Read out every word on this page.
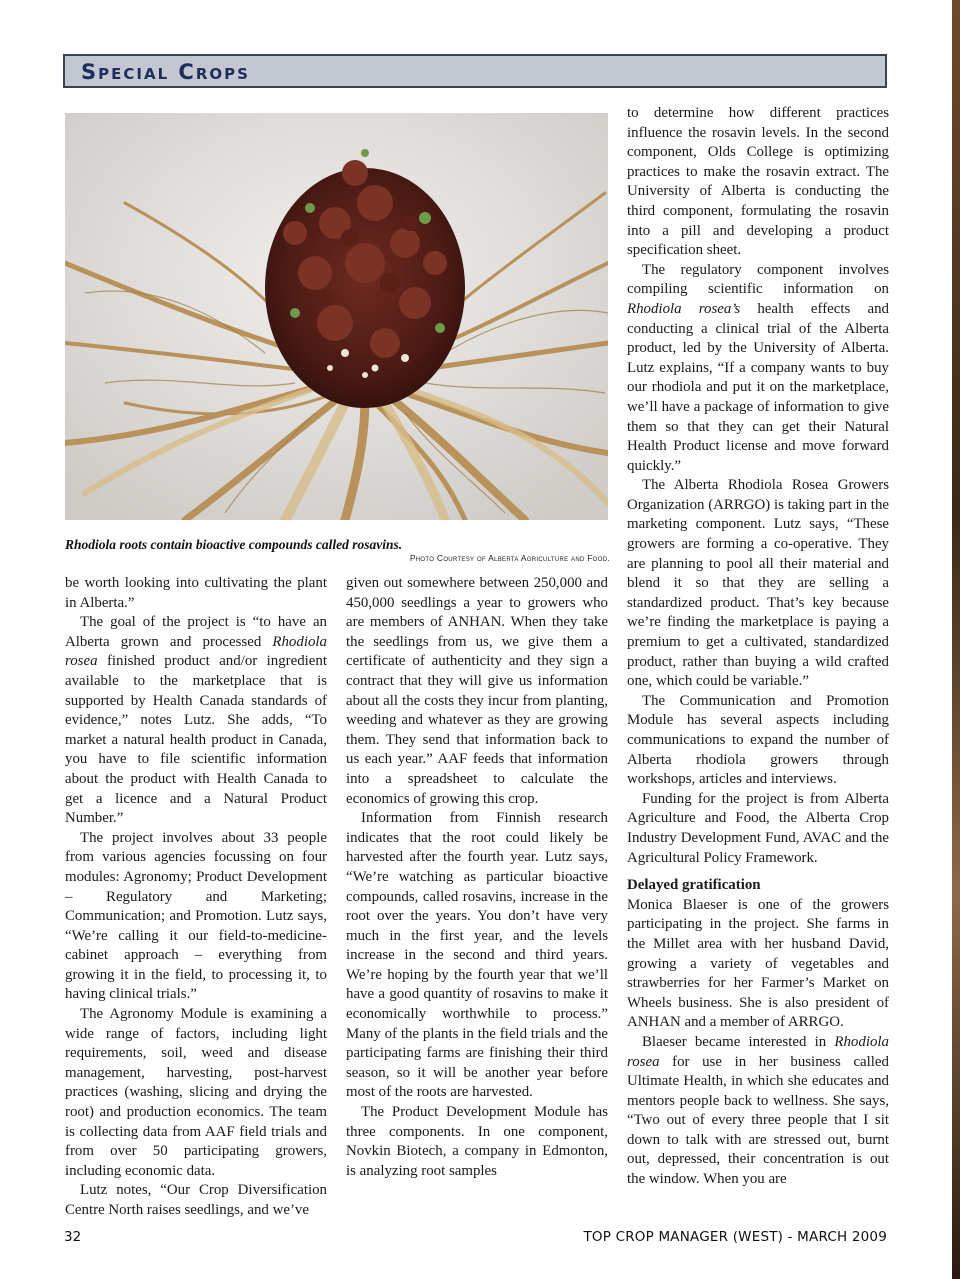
Special Crops
Rhodiola roots contain bioactive compounds called rosavins.
Photo Courtesy of Alberta Agriculture and Food.

be worth looking into cultivating the plant in Alberta.”

The goal of the project is “to have an Alberta grown and processed Rhodiola rosea finished product and/or ingredient available to the marketplace that is supported by Health Canada standards of evidence,” notes Lutz. She adds, “To market a natural health product in Canada, you have to file scientific information about the product with Health Canada to get a licence and a Natural Product Number.”

The project involves about 33 people from various agencies focussing on four modules: Agronomy; Product Development – Regulatory and Marketing; Communication; and Promotion. Lutz says, “We’re calling it our field-to-medicine-cabinet approach – everything from growing it in the field, to processing it, to having clinical trials.”

The Agronomy Module is examining a wide range of factors, including light requirements, soil, weed and disease management, harvesting, post-harvest practices (washing, slicing and drying the root) and production economics. The team is collecting data from AAF field trials and from over 50 participating growers, including economic data.

Lutz notes, “Our Crop Diversification Centre North raises seedlings, and we’ve

given out somewhere between 250,000 and 450,000 seedlings a year to growers who are members of ANHAN. When they take the seedlings from us, we give them a certificate of authenticity and they sign a contract that they will give us information about all the costs they incur from planting, weeding and whatever as they are growing them. They send that information back to us each year.” AAF feeds that information into a spreadsheet to calculate the economics of growing this crop.

Information from Finnish research indicates that the root could likely be harvested after the fourth year. Lutz says, “We’re watching as particular bioactive compounds, called rosavins, increase in the root over the years. You don’t have very much in the first year, and the levels increase in the second and third years. We’re hoping by the fourth year that we’ll have a good quantity of rosavins to make it economically worthwhile to process.” Many of the plants in the field trials and the participating farms are finishing their third season, so it will be another year before most of the roots are harvested.

The Product Development Module has three components. In one component, Novkin Biotech, a company in Edmonton, is analyzing root samples

to determine how different practices influence the rosavin levels. In the second component, Olds College is optimizing practices to make the rosavin extract. The University of Alberta is conducting the third component, formulating the rosavin into a pill and developing a product specification sheet.

The regulatory component involves compiling scientific information on Rhodiola rosea’s health effects and conducting a clinical trial of the Alberta product, led by the University of Alberta. Lutz explains, “If a company wants to buy our rhodiola and put it on the marketplace, we’ll have a package of information to give them so that they can get their Natural Health Product license and move forward quickly.”

The Alberta Rhodiola Rosea Growers Organization (ARRGO) is taking part in the marketing component. Lutz says, “These growers are forming a co-operative. They are planning to pool all their material and blend it so that they are selling a standardized product. That’s key because we’re finding the marketplace is paying a premium to get a cultivated, standardized product, rather than buying a wild crafted one, which could be variable.”

The Communication and Promotion Module has several aspects including communications to expand the number of Alberta rhodiola growers through workshops, articles and interviews.

Funding for the project is from Alberta Agriculture and Food, the Alberta Crop Industry Development Fund, AVAC and the Agricultural Policy Framework.

Delayed gratification

Monica Blaeser is one of the growers participating in the project. She farms in the Millet area with her husband David, growing a variety of vegetables and strawberries for her Farmer’s Market on Wheels business. She is also president of ANHAN and a member of ARRGO.

Blaeser became interested in Rhodiola rosea for use in her business called Ultimate Health, in which she educates and mentors people back to wellness. She says, “Two out of every three people that I sit down to talk with are stressed out, burnt out, depressed, their concentration is out the window. When you are

32	TOP CROP MANAGER (WEST) - MARCH 2009
